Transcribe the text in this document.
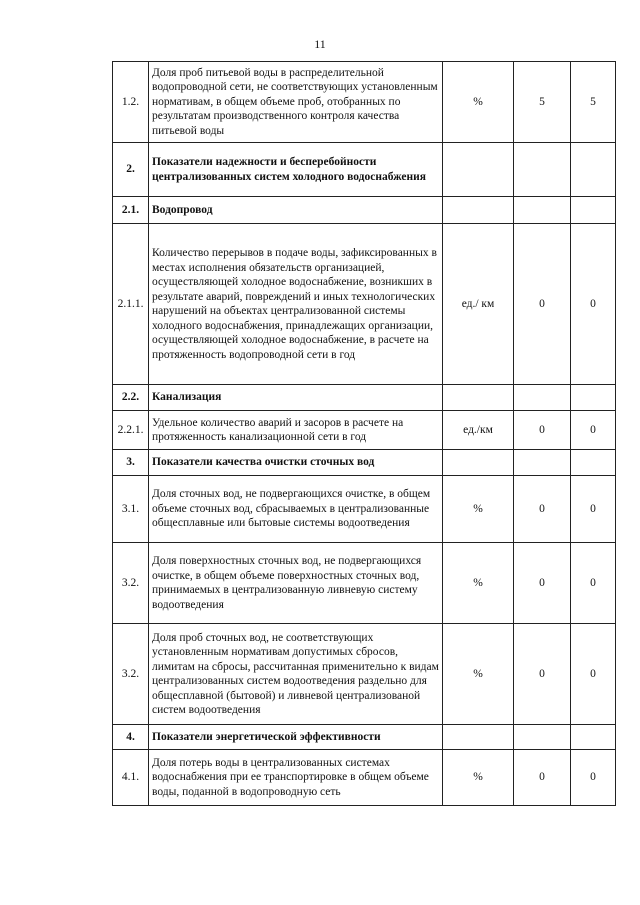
11
1.2.	Доля проб питьевой воды в распределительной водопроводной сети, не соответствующих установленным нормативам, в общем объеме проб, отобранных по результатам производственного контроля качества питьевой воды	%	5	5
2.	Показатели надежности и бесперебойности централизованных систем холодного водоснабжения			
2.1.	Водопровод			
2.1.1.	Количество перерывов в подаче воды, зафиксированных в местах исполнения обязательств организацией, осуществляющей холодное водоснабжение, возникших в результате аварий, повреждений и иных технологических нарушений на объектах централизованной системы холодного водоснабжения, принадлежащих организации, осуществляющей холодное водоснабжение, в расчете на протяженность водопроводной сети в год	ед./ км	0	0
2.2.	Канализация			
2.2.1.	Удельное количество аварий и засоров в расчете на протяженность канализационной сети в год	ед./км	0	0
3.	Показатели качества очистки сточных вод			
3.1.	Доля сточных вод, не подвергающихся очистке, в общем объеме сточных вод, сбрасываемых в централизованные общесплавные или бытовые системы водоотведения	%	0	0
3.2.	Доля поверхностных сточных вод, не подвергающихся очистке, в общем объеме поверхностных сточных вод, принимаемых в централизованную ливневую систему водоотведения	%	0	0
3.2.	Доля проб сточных вод, не соответствующих установленным нормативам допустимых сбросов, лимитам на сбросы, рассчитанная применительно к видам централизованных систем водоотведения раздельно для общесплавной (бытовой) и ливневой централизованой систем водоотведения	%	0	0
4.	Показатели энергетической эффективности			
4.1.	Доля потерь воды в централизованных системах водоснабжения при ее транспортировке в общем объеме воды, поданной в водопроводную сеть	%	0	0
